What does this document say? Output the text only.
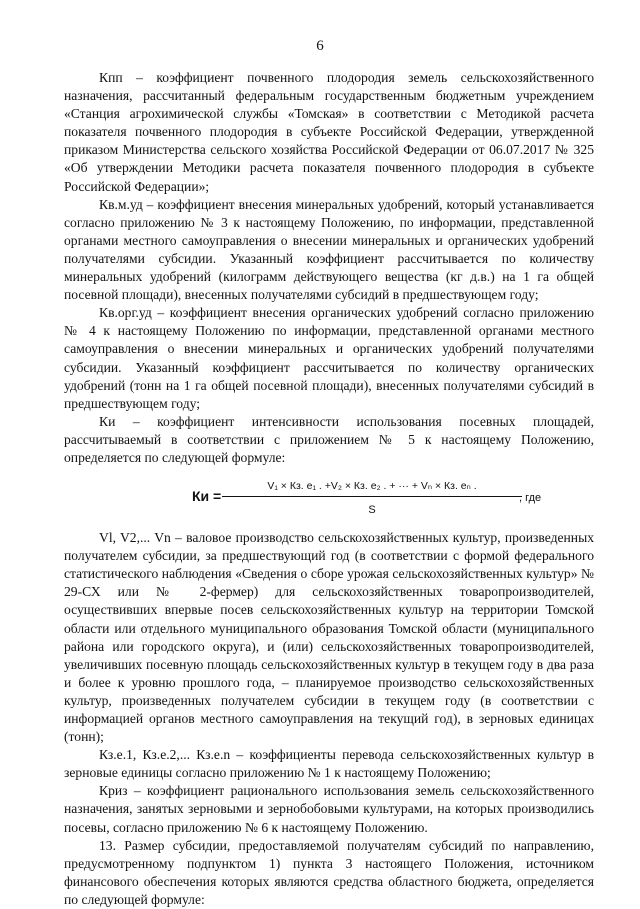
6

Кпп – коэффициент почвенного плодородия земель сельскохозяйственного назначения, рассчитанный федеральным государственным бюджетным учреждением «Станция агрохимической службы «Томская» в соответствии с Методикой расчета показателя почвенного плодородия в субъекте Российской Федерации, утвержденной приказом Министерства сельского хозяйства Российской Федерации от 06.07.2017 № 325 «Об утверждении Методики расчета показателя почвенного плодородия в субъекте Российской Федерации»;

Кв.м.уд – коэффициент внесения минеральных удобрений, который устанавливается согласно приложению № 3 к настоящему Положению, по информации, представленной органами местного самоуправления о внесении минеральных и органических удобрений получателями субсидии. Указанный коэффициент рассчитывается по количеству минеральных удобрений (килограмм действующего вещества (кг д.в.) на 1 га общей посевной площади), внесенных получателями субсидий в предшествующем году;

Кв.орг.уд – коэффициент внесения органических удобрений согласно приложению № 4 к настоящему Положению по информации, представленной органами местного самоуправления о внесении минеральных и органических удобрений получателями субсидии. Указанный коэффициент рассчитывается по количеству органических удобрений (тонн на 1 га общей посевной площади), внесенных получателями субсидий в предшествующем году;

Ки – коэффициент интенсивности использования посевных площадей, рассчитываемый в соответствии с приложением № 5 к настоящему Положению, определяется по следующей формуле:

Ки =
V₁ × Кз. е₁ . +V₂ × Кз. е₂ . + ··· + Vₙ × Кз. еₙ .
S
, где

Vl, V2,... Vn – валовое производство сельскохозяйственных культур, произведенных получателем субсидии, за предшествующий год (в соответствии с формой федерального статистического наблюдения «Сведения о сборе урожая сельскохозяйственных культур» № 29-СХ или № 2-фермер) для сельскохозяйственных товаропроизводителей, осуществивших впервые посев сельскохозяйственных культур на территории Томской области или отдельного муниципального образования Томской области (муниципального района или городского округа), и (или) сельскохозяйственных товаропроизводителей, увеличивших посевную площадь сельскохозяйственных культур в текущем году в два раза и более к уровню прошлого года, – планируемое производство сельскохозяйственных культур, произведенных получателем субсидии в текущем году (в соответствии с информацией органов местного самоуправления на текущий год), в зерновых единицах (тонн);

Кз.е.1, Кз.е.2,... Кз.е.n – коэффициенты перевода сельскохозяйственных культур в зерновые единицы согласно приложению № 1 к настоящему Положению;

Криз – коэффициент рационального использования земель сельскохозяйственного назначения, занятых зерновыми и зернобобовыми культурами, на которых производились посевы, согласно приложению № 6 к настоящему Положению.

13. Размер субсидии, предоставляемой получателям субсидий по направлению, предусмотренному подпунктом 1) пункта 3 настоящего Положения, источником финансового обеспечения которых являются средства областного бюджета, определяется по следующей формуле:
